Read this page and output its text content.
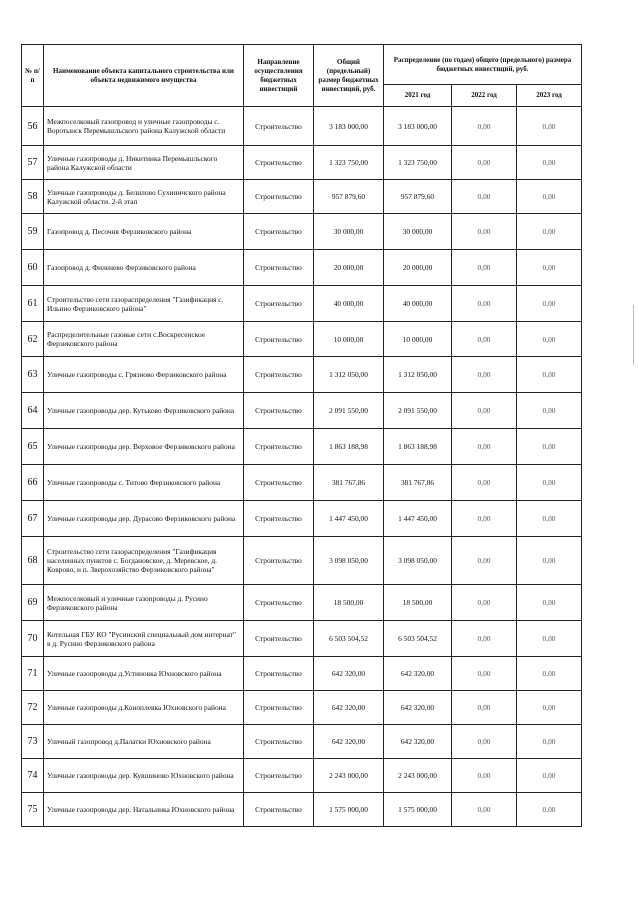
№ п/п	Наименование объекта капитального строительства или объекта недвижимого имущества	Направление осуществления бюджетных инвестиций	Общий (предельный) размер бюджетных инвестиций, руб.	Распределение (по годам) общего (предельного) размера бюджетных инвестиций, руб.		
				2021 год	2022 год	2023 год
56	Межпоселковый газопровод и уличные газопроводы с. Воротынск Перемышльского района Калужской области	Строительство	3 183 000,00	3 183 000,00	0,00	0,00
57	Уличные газопроводы д. Никитинка Перемышльского района Калужской области	Строительство	1 323 750,00	1 323 750,00	0,00	0,00
58	Уличные газопроводы д. Белилово Сухиничского района Калужской области. 2-й этап	Строительство	957 879,60	957 879,60	0,00	0,00
59	Газопровод д. Песочня Ферзиковского района	Строительство	30 000,00	30 000,00	0,00	0,00
60	Газопровод д. Филенево Ферзиковского района	Строительство	20 000,00	20 000,00	0,00	0,00
61	Строительство сети газораспределения "Газификация с. Ильино Ферзиковского района"	Строительство	40 000,00	40 000,00	0,00	0,00
62	Распределительные газовые сети с.Воскресенское Ферзиковского района	Строительство	10 000,00	10 000,00	0,00	0,00
63	Уличные газопроводы с. Грязново Ферзиковского района	Строительство	1 312 050,00	1 312 050,00	0,00	0,00
64	Уличные газопроводы дер. Кутьково Ферзиковского района	Строительство	2 091 550,00	2 091 550,00	0,00	0,00
65	Уличные газопроводы дер. Верховое Ферзиковского района	Строительство	1 863 188,98	1 863 188,98	0,00	0,00
66	Уличные газопроводы с. Титово Ферзиковского района	Строительство	381 767,86	381 767,86	0,00	0,00
67	Уличные газопроводы дер. Дурасово Ферзиковского района	Строительство	1 447 450,00	1 447 450,00	0,00	0,00
68	Строительство сети газораспределения "Газификация населенных пунктов с. Богдановское, д. Меревское, д. Коврово, и п. Зверохозяйство Ферзиковского района"	Строительство	3 098 050,00	3 098 050,00	0,00	0,00
69	Межпоселковый и уличные газопроводы д. Русино Ферзиковского района	Строительство	18 500,00	18 500,00	0,00	0,00
70	Котельная ГБУ КО "Русинский специальный дом интернат" в д. Русино Ферзиковского района	Строительство	6 503 504,52	6 503 504,52	0,00	0,00
71	Уличные газопроводы д.Устиновка Юхновского района	Строительство	642 320,00	642 320,00	0,00	0,00
72	Уличные газопроводы д.Коноплевка Юхновского района	Строительство	642 320,00	642 320,00	0,00	0,00
73	Уличный газопровод д.Палатки Юхновского района	Строительство	642 320,00	642 320,00	0,00	0,00
74	Уличные газопроводы дер. Кувшиново Юхновского района	Строительство	2 243 000,00	2 243 000,00	0,00	0,00
75	Уличные газопроводы дер. Натальинка Юхновского района	Строительство	1 575 000,00	1 575 000,00	0,00	0,00
